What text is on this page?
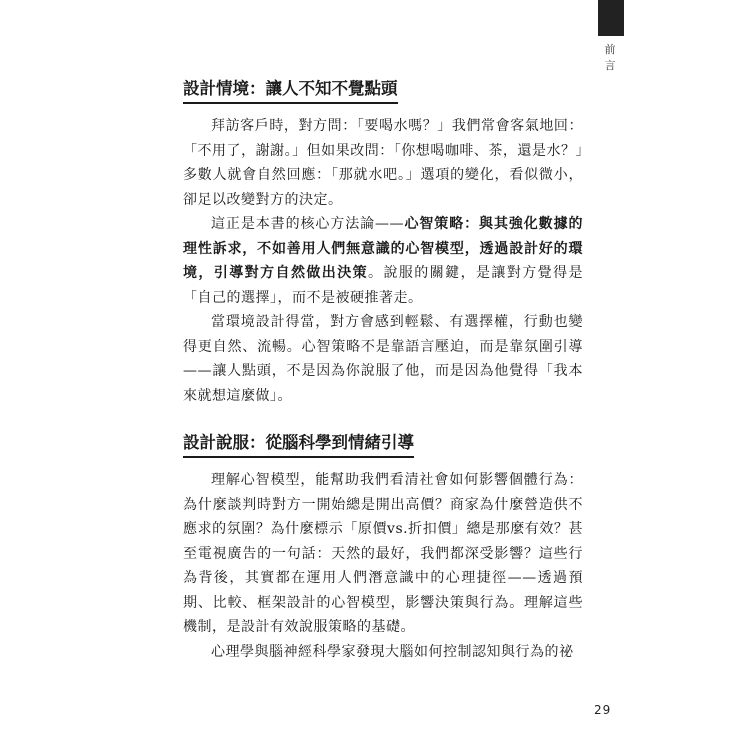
前
言
設計情境：讓人不知不覺點頭

拜訪客戶時，對方問：「要喝水嗎？」我們常會客氣地回：「不用了，謝謝。」但如果改問：「你想喝咖啡、茶，還是水？」多數人就會自然回應：「那就水吧。」選項的變化，看似微小，卻足以改變對方的決定。

這正是本書的核心方法論——心智策略：與其強化數據的理性訴求，不如善用人們無意識的心智模型，透過設計好的環境，引導對方自然做出決策。說服的關鍵，是讓對方覺得是「自己的選擇」，而不是被硬推著走。

當環境設計得當，對方會感到輕鬆、有選擇權，行動也變得更自然、流暢。心智策略不是靠語言壓迫，而是靠氛圍引導——讓人點頭，不是因為你說服了他，而是因為他覺得「我本來就想這麼做」。

設計說服：從腦科學到情緒引導

理解心智模型，能幫助我們看清社會如何影響個體行為：為什麼談判時對方一開始總是開出高價？商家為什麼營造供不應求的氛圍？為什麼標示「原價vs.折扣價」總是那麼有效？甚至電視廣告的一句話：天然的最好，我們都深受影響？這些行為背後，其實都在運用人們潛意識中的心理捷徑——透過預期、比較、框架設計的心智模型，影響決策與行為。理解這些機制，是設計有效說服策略的基礎。

心理學與腦神經科學家發現大腦如何控制認知與行為的祕

29
